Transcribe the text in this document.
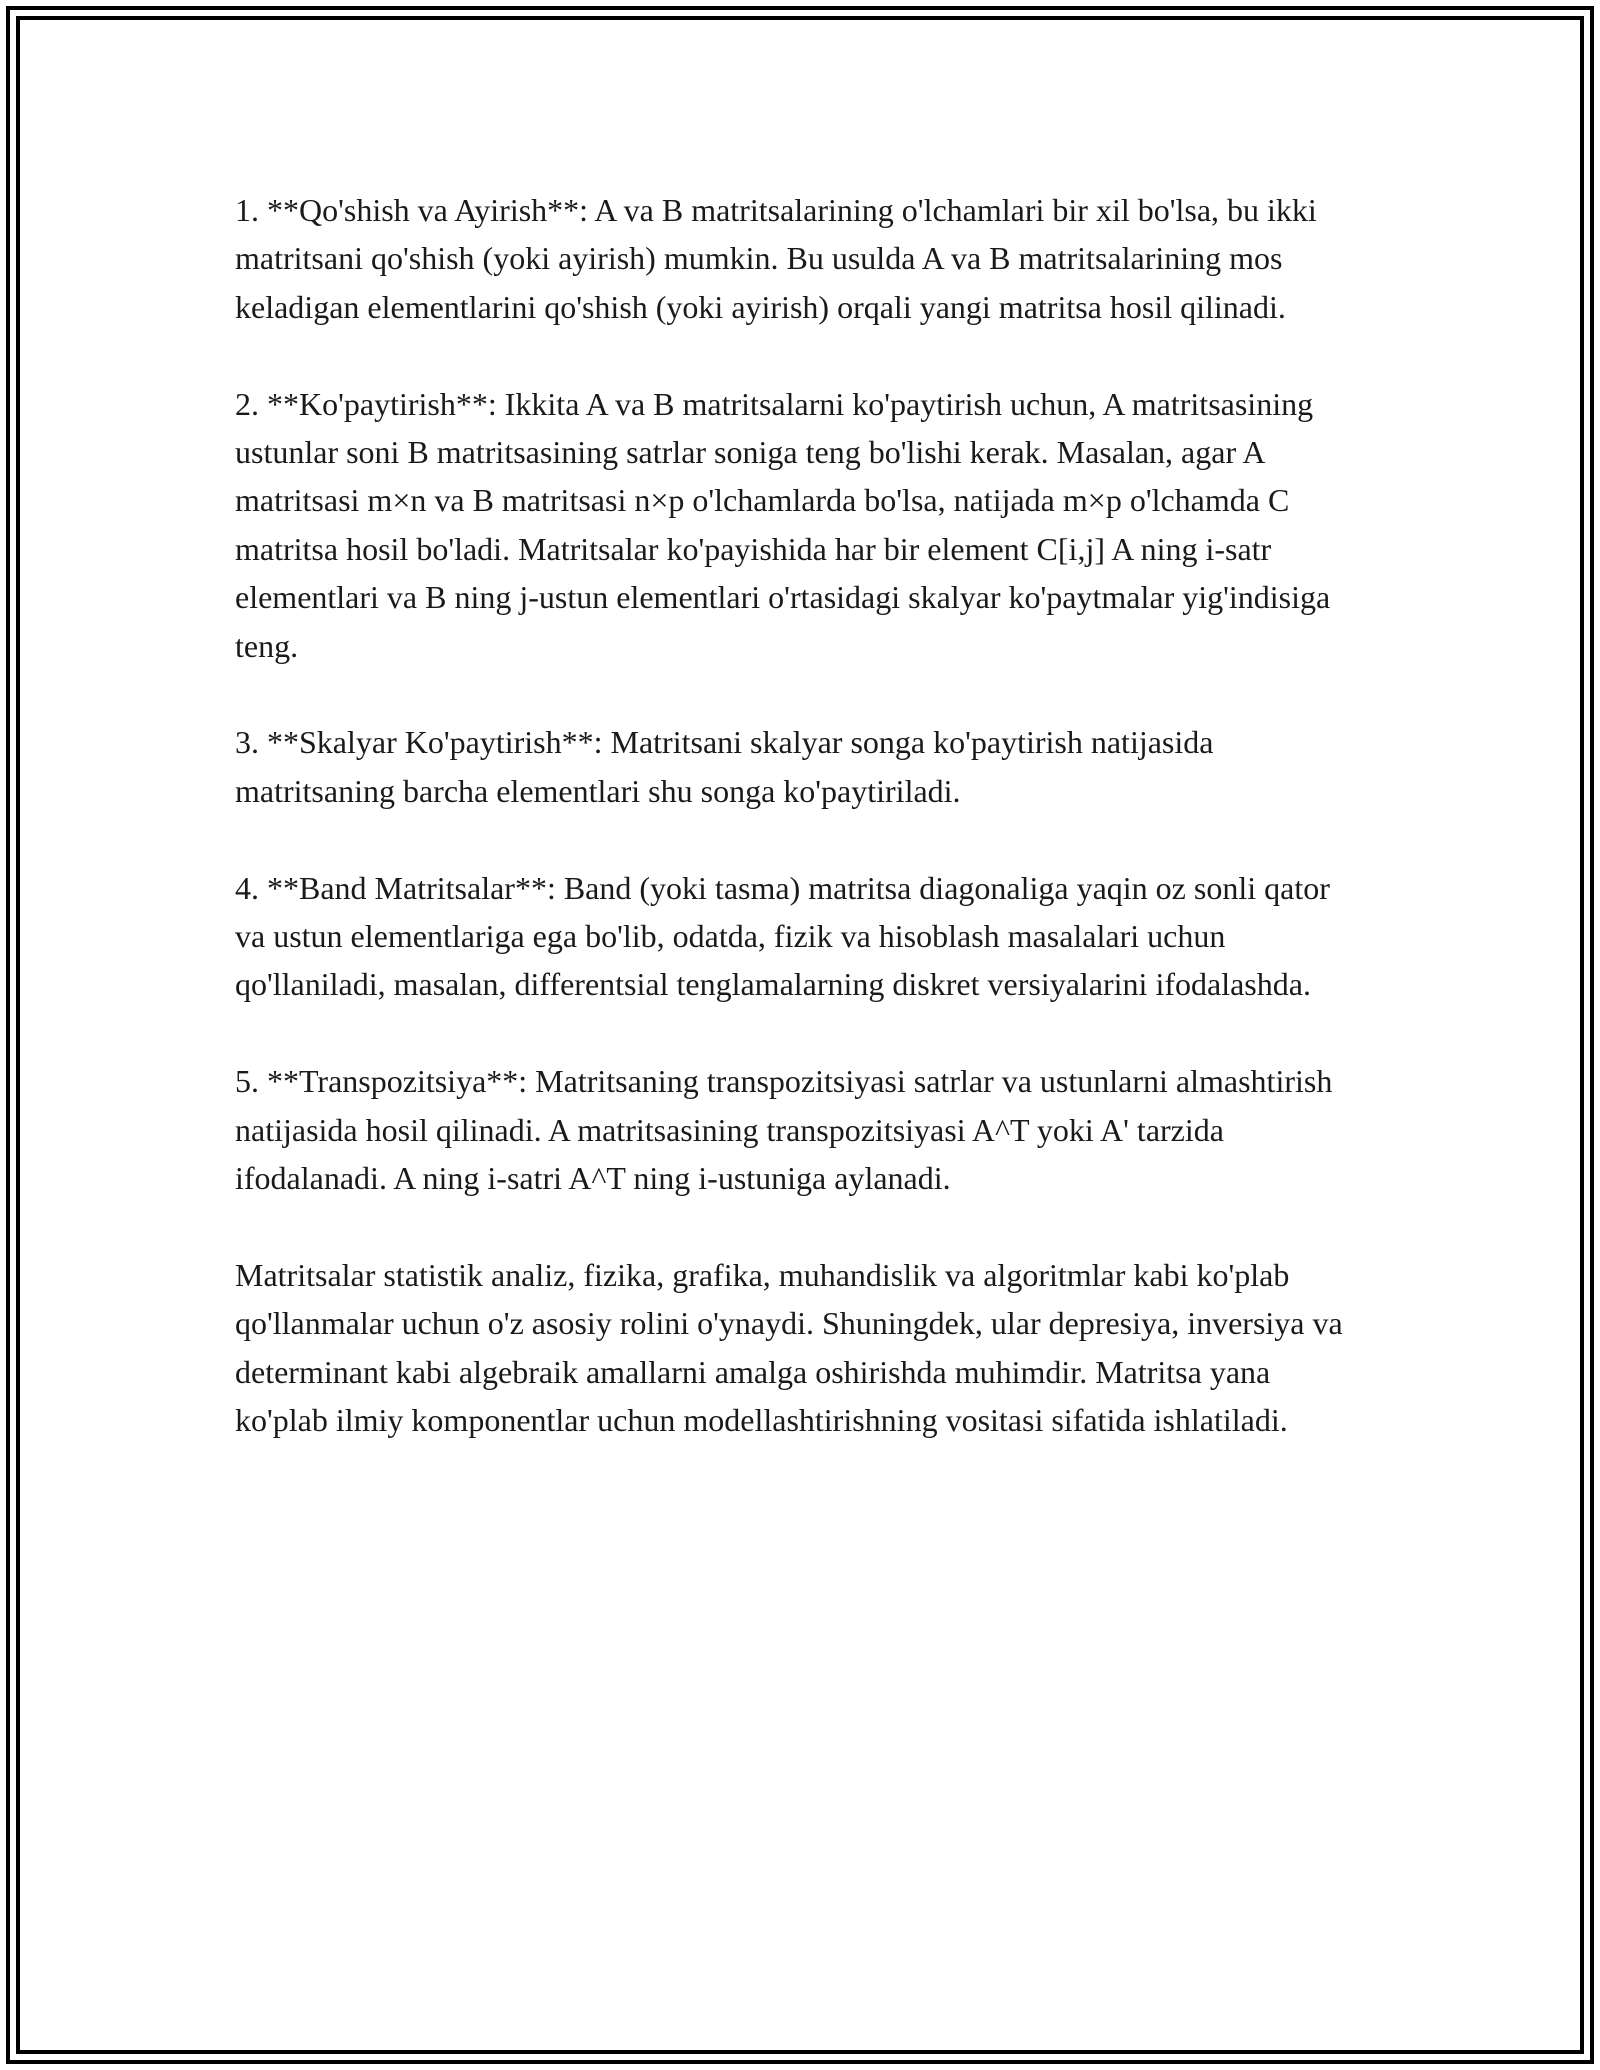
1. **Qo'shish va Ayirish**: A va B matritsalarining o'lchamlari bir xil bo'lsa, bu ikki matritsani qo'shish (yoki ayirish) mumkin. Bu usulda A va B matritsalarining mos keladigan elementlarini qo'shish (yoki ayirish) orqali yangi matritsa hosil qilinadi.

2. **Ko'paytirish**: Ikkita A va B matritsalarni ko'paytirish uchun, A matritsasining ustunlar soni B matritsasining satrlar soniga teng bo'lishi kerak. Masalan, agar A matritsasi m×n va B matritsasi n×p o'lchamlarda bo'lsa, natijada m×p o'lchamda C matritsa hosil bo'ladi. Matritsalar ko'payishida har bir element C[i,j] A ning i-satr elementlari va B ning j-ustun elementlari o'rtasidagi skalyar ko'paytmalar yig'indisiga teng.

3. **Skalyar Ko'paytirish**: Matritsani skalyar songa ko'paytirish natijasida matritsaning barcha elementlari shu songa ko'paytiriladi.

4. **Band Matritsalar**: Band (yoki tasma) matritsa diagonaliga yaqin oz sonli qator va ustun elementlariga ega bo'lib, odatda, fizik va hisoblash masalalari uchun qo'llaniladi, masalan, differentsial tenglamalarning diskret versiyalarini ifodalashda.

5. **Transpozitsiya**: Matritsaning transpozitsiyasi satrlar va ustunlarni almashtirish natijasida hosil qilinadi. A matritsasining transpozitsiyasi A^T yoki A' tarzida ifodalanadi. A ning i-satri A^T ning i-ustuniga aylanadi.

Matritsalar statistik analiz, fizika, grafika, muhandislik va algoritmlar kabi ko'plab qo'llanmalar uchun o'z asosiy rolini o'ynaydi. Shuningdek, ular depresiya, inversiya va determinant kabi algebraik amallarni amalga oshirishda muhimdir. Matritsa yana ko'plab ilmiy komponentlar uchun modellashtirishning vositasi sifatida ishlatiladi.
